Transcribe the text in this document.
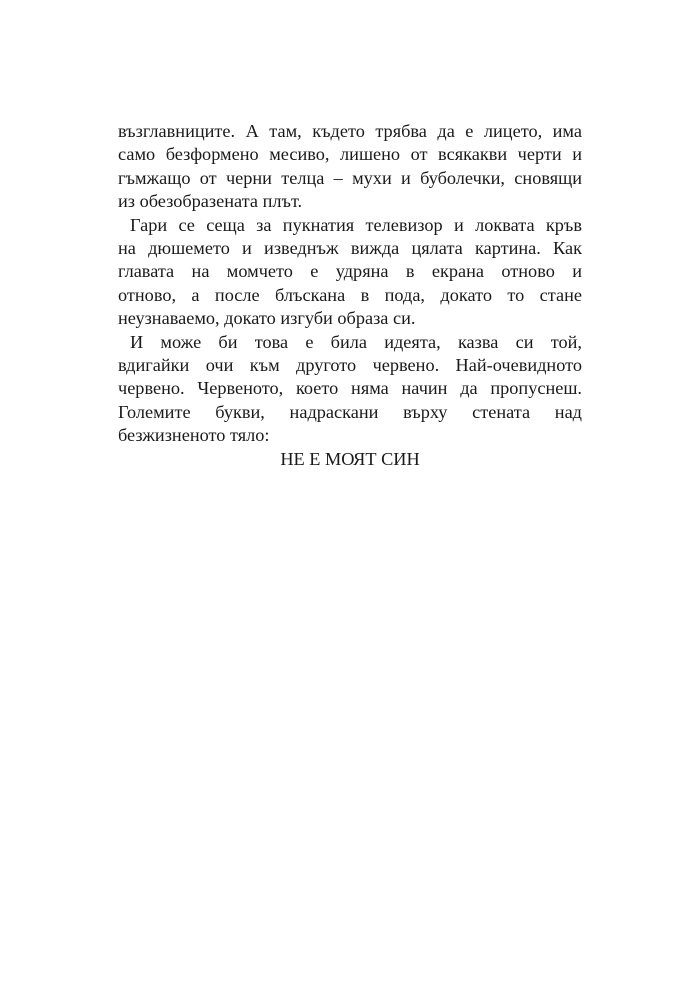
възглавниците. А там, където трябва да е лицето, има
само безформено месиво, лишено от всякакви черти и
гъмжащо от черни телца – мухи и буболечки, сновящи
из обезобразената плът.

Гари се сеща за пукнатия телевизор и локвата кръв
на дюшемето и изведнъж вижда цялата картина. Как
главата на момчето е удряна в екрана отново и
отново, а после блъскана в пода, докато то стане
неузнаваемо, докато изгуби образа си.

И може би това е била идеята, казва си той,
вдигайки очи към другото червено. Най-очевидното
червено. Червеното, което няма начин да пропуснеш.
Големите букви, надраскани върху стената над
безжизненото тяло:

НЕ Е МОЯТ СИН
